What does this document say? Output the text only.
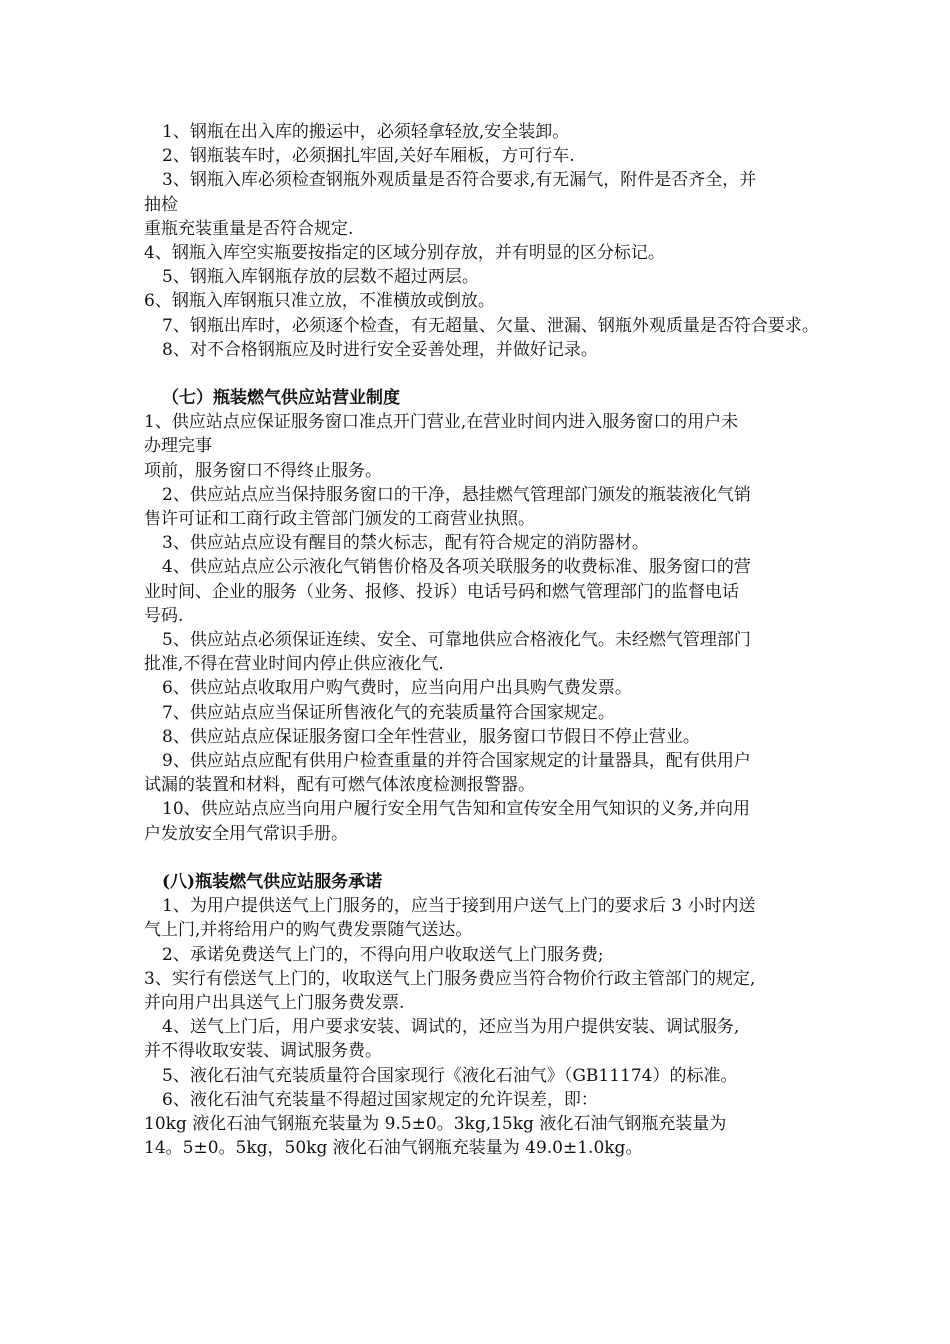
1、钢瓶在出入库的搬运中，必须轻拿轻放,安全装卸。

2、钢瓶装车时，必须捆扎牢固,关好车厢板，方可行车.

3、钢瓶入库必须检查钢瓶外观质量是否符合要求,有无漏气，附件是否齐全，并

抽检

重瓶充装重量是否符合规定.

4、钢瓶入库空实瓶要按指定的区域分别存放，并有明显的区分标记。

5、钢瓶入库钢瓶存放的层数不超过两层。

6、钢瓶入库钢瓶只准立放，不准横放或倒放。

7、钢瓶出库时，必须逐个检查，有无超量、欠量、泄漏、钢瓶外观质量是否符合要求。

8、对不合格钢瓶应及时进行安全妥善处理，并做好记录。

（七）瓶装燃气供应站营业制度

1、供应站点应保证服务窗口准点开门营业,在营业时间内进入服务窗口的用户未

办理完事

项前，服务窗口不得终止服务。

2、供应站点应当保持服务窗口的干净，悬挂燃气管理部门颁发的瓶装液化气销

售许可证和工商行政主管部门颁发的工商营业执照。

3、供应站点应设有醒目的禁火标志，配有符合规定的消防器材。

4、供应站点应公示液化气销售价格及各项关联服务的收费标准、服务窗口的营

业时间、企业的服务（业务、报修、投诉）电话号码和燃气管理部门的监督电话

号码.

5、供应站点必须保证连续、安全、可靠地供应合格液化气。未经燃气管理部门

批准,不得在营业时间内停止供应液化气.

6、供应站点收取用户购气费时，应当向用户出具购气费发票。

7、供应站点应当保证所售液化气的充装质量符合国家规定。

8、供应站点应保证服务窗口全年性营业，服务窗口节假日不停止营业。

9、供应站点应配有供用户检查重量的并符合国家规定的计量器具，配有供用户

试漏的装置和材料，配有可燃气体浓度检测报警器。

10、供应站点应当向用户履行安全用气告知和宣传安全用气知识的义务,并向用

户发放安全用气常识手册。

(八)瓶装燃气供应站服务承诺

1、为用户提供送气上门服务的，应当于接到用户送气上门的要求后 3 小时内送

气上门,并将给用户的购气费发票随气送达。

2、承诺免费送气上门的，不得向用户收取送气上门服务费;

3、实行有偿送气上门的，收取送气上门服务费应当符合物价行政主管部门的规定,

并向用户出具送气上门服务费发票.

4、送气上门后，用户要求安装、调试的，还应当为用户提供安装、调试服务,

并不得收取安装、调试服务费。

5、液化石油气充装质量符合国家现行《液化石油气》（GB11174）的标准。

6、液化石油气充装量不得超过国家规定的允许误差，即：

10kg 液化石油气钢瓶充装量为 9.5±0。3kg,15kg 液化石油气钢瓶充装量为

14。5±0。5kg，50kg 液化石油气钢瓶充装量为 49.0±1.0kg。
